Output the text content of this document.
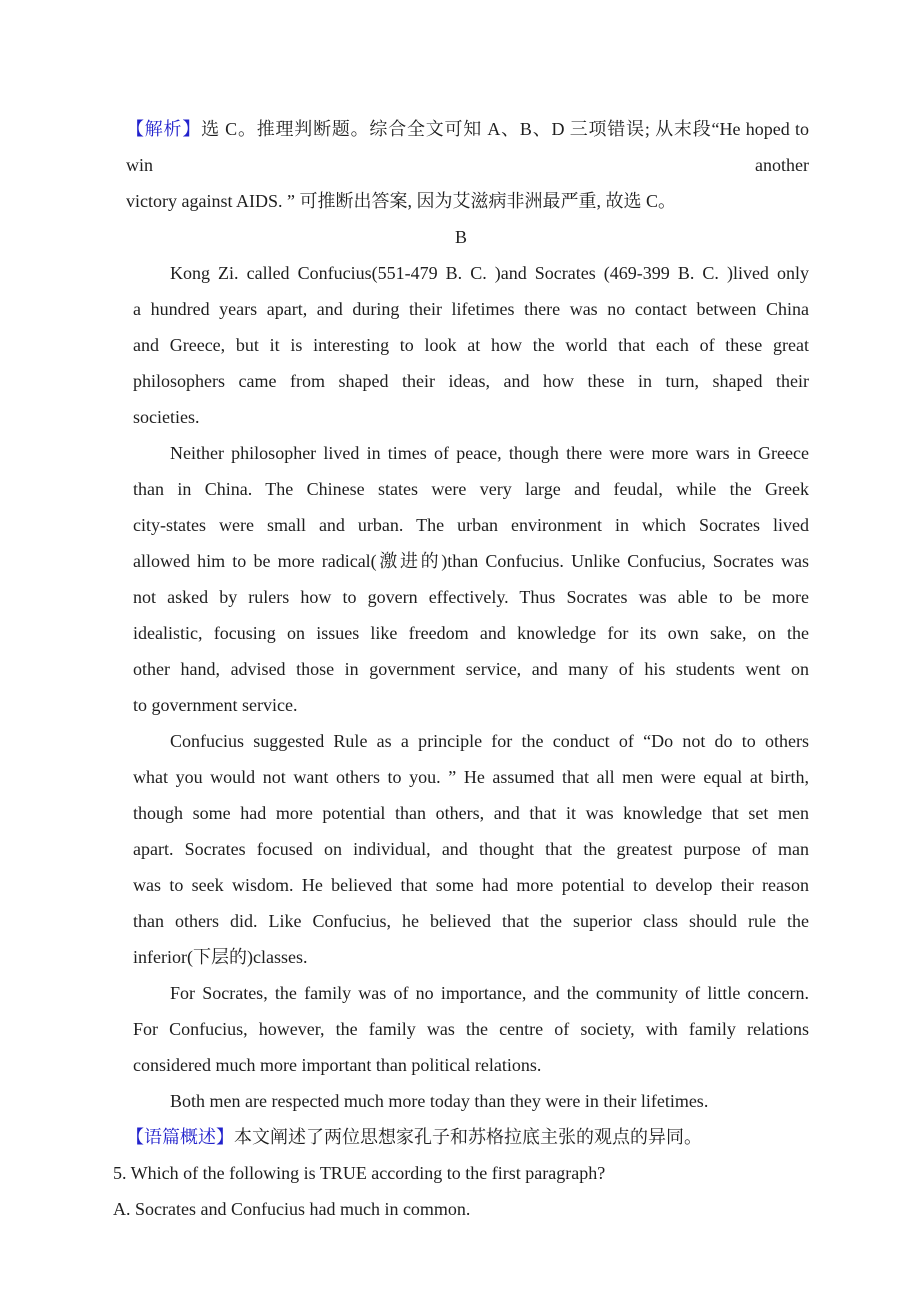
【解析】选 C。推理判断题。综合全文可知 A、B、D 三项错误; 从末段“He hoped to win another
victory against AIDS. ” 可推断出答案, 因为艾滋病非洲最严重, 故选 C。
B
Kong Zi. called Confucius(551-479 B. C. )and Socrates (469-399 B. C. )lived only
a hundred years apart, and during their lifetimes there was no contact between China
and Greece, but it is interesting to look at how the world that each of these great
philosophers came from shaped their ideas, and how these in turn, shaped their
societies.
Neither philosopher lived in times of peace, though there were more wars in Greece
than in China. The Chinese states were very large and feudal, while the Greek
city-states were small and urban. The urban environment in which Socrates lived
allowed him to be more radical(激进的)than Confucius. Unlike Confucius, Socrates was
not asked by rulers how to govern effectively. Thus Socrates was able to be more
idealistic, focusing on issues like freedom and knowledge for its own sake, on the
other hand, advised those in government service, and many of his students went on
to government service.
Confucius suggested Rule as a principle for the conduct of “Do not do to others
what you would not want others to you. ” He assumed that all men were equal at birth,
though some had more potential than others, and that it was knowledge that set men
apart. Socrates focused on individual, and thought that the greatest purpose of man
was to seek wisdom. He believed that some had more potential to develop their reason
than others did. Like Confucius, he believed that the superior class should rule the
inferior(下层的)classes.
For Socrates, the family was of no importance, and the community of little concern.
For Confucius, however, the family was the centre of society, with family relations
considered much more important than political relations.
Both men are respected much more today than they were in their lifetimes.
【语篇概述】本文阐述了两位思想家孔子和苏格拉底主张的观点的异同。
5. Which of the following is TRUE according to the first paragraph?
A. Socrates and Confucius had much in common.
